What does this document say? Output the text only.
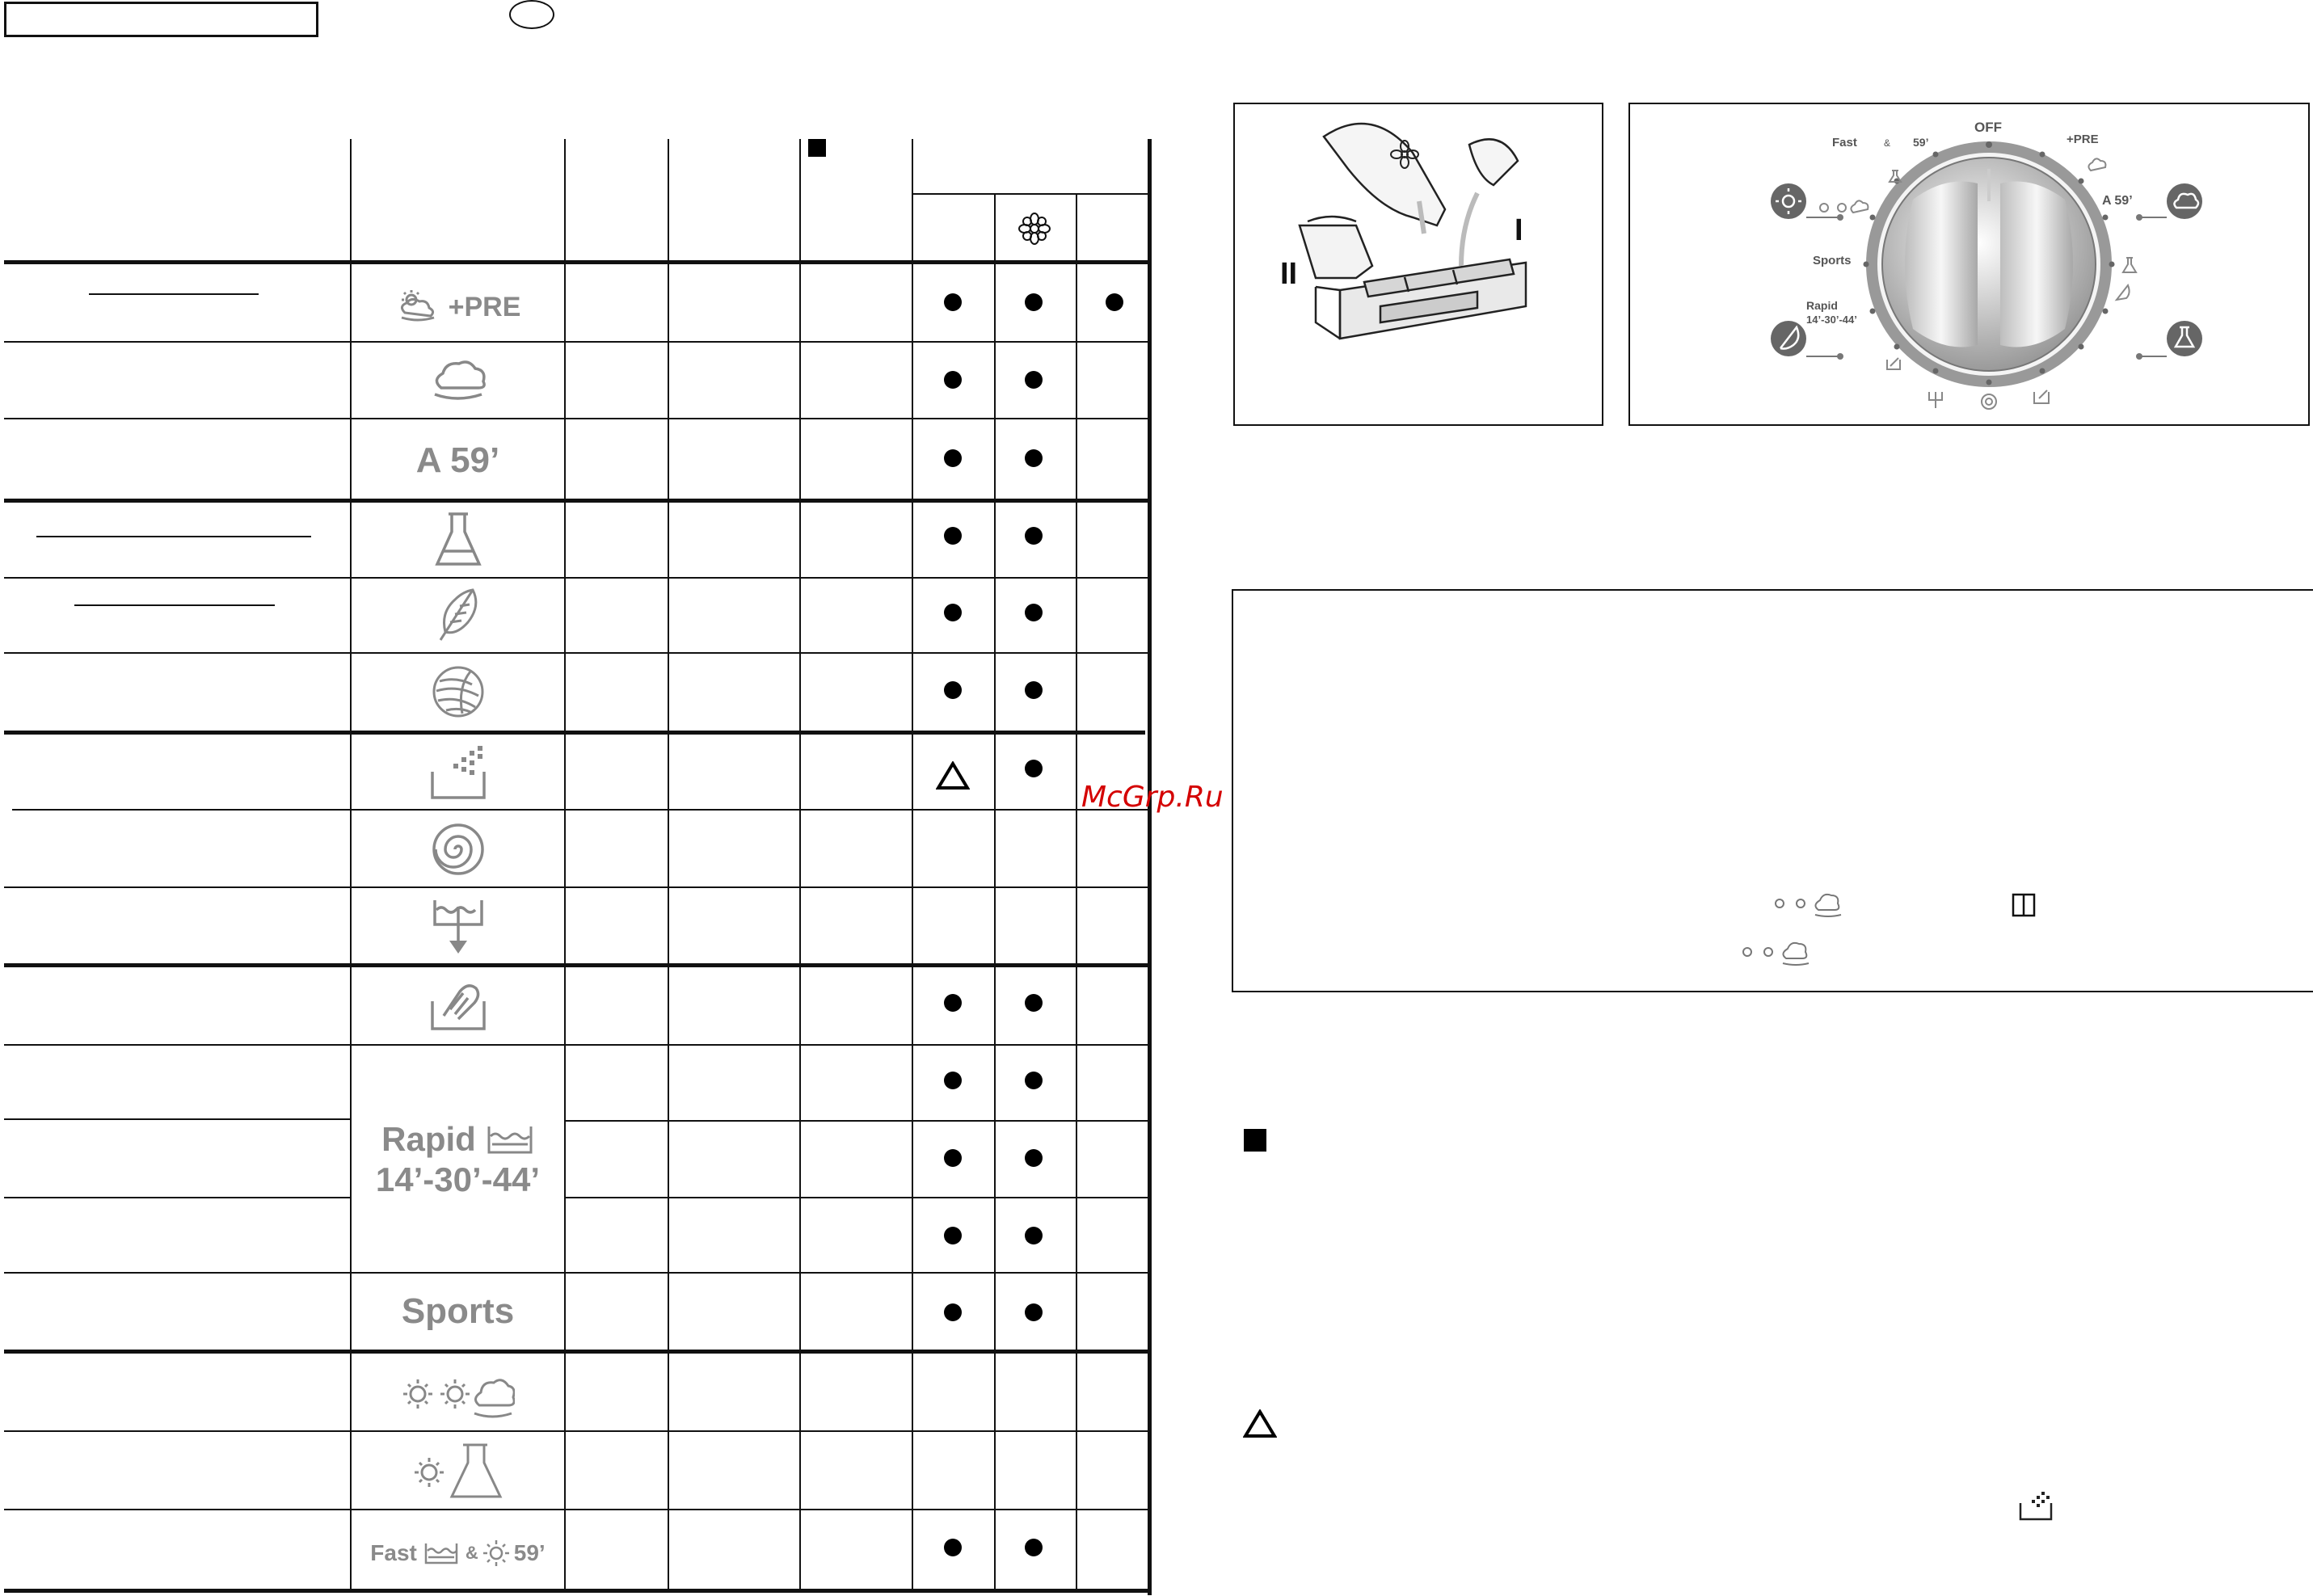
+PRE
A 59’
Rapid
14’-30’-44’
Sports
Fast	& 59’
McGrp.Ru
II
I
OFF
+PRE
A 59’
Sports
Rapid
14’-30’-44’
Fast	& 59’
